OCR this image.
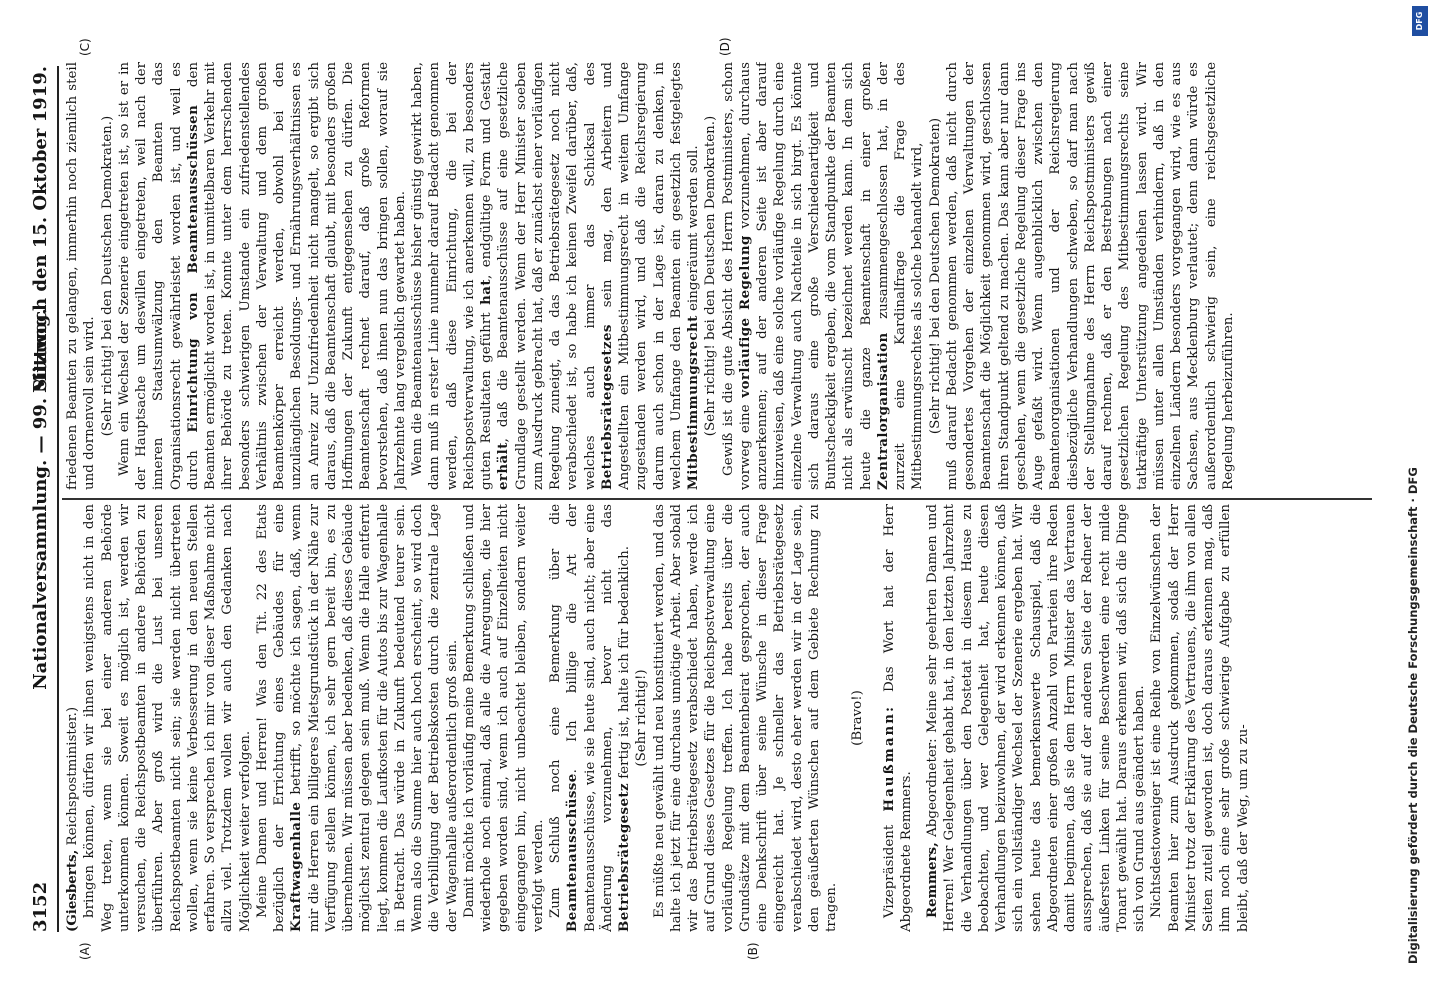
3152
Nationalversammlung. — 99. Sitzung.
Mittwoch den 15. Oktober 1919.
(A)	(B)
(C)	(D)

(Giesberts, Reichspostminister.) bringen können, dürfen wir ihnen wenigstens nicht in den Weg treten, wenn sie bei einer anderen Behörde unterkommen können. Soweit es möglich ist, werden wir versuchen, die Reichspostbeamten in andere Behörden zu überführen. Aber groß wird die Lust bei unseren Reichspostbeamten nicht sein; sie werden nicht übertreten wollen, wenn sie keine Verbesserung in den neuen Stellen erfahren. So versprechen ich mir von dieser Maßnahme nicht allzu viel. Trotzdem wollen wir auch den Gedanken nach Möglichkeit weiter verfolgen. Meine Damen und Herren! Was den Tit. 22 des Etats bezüglich der Errichtung eines Gebäudes für eine Kraftwagenhalle betrifft, so möchte ich sagen, daß, wenn mir die Herren ein billigeres Mietsgrundstück in der Nähe zur Verfügung stellen können, ich sehr gern bereit bin, es zu übernehmen. Wir müssen aber bedenken, daß dieses Gebäude möglichst zentral gelegen sein muß. Wenn die Halle entfernt liegt, kommen die Laufkosten für die Autos bis zur Wagenhalle in Betracht. Das würde in Zukunft bedeutend teurer sein. Wenn also die Summe hier auch hoch erscheint, so wird doch die Verbilligung der Betriebskosten durch die zentrale Lage der Wagenhalle außerordentlich groß sein. Damit möchte ich vorläufig meine Bemerkung schließen und wiederhole noch einmal, daß alle die Anregungen, die hier gegeben worden sind, wenn ich auch auf Einzelheiten nicht eingegangen bin, nicht unbeachtet bleiben, sondern weiter verfolgt werden. Zum Schluß noch eine Bemerkung über die Beamtenausschüsse. Ich billige die Art der Beamtenausschüsse, wie sie heute sind, auch nicht; aber eine Änderung vorzunehmen, bevor nicht das Betriebsrätegesetz fertig ist, halte ich für bedenklich. (Sehr richtig!) Es müßte neu gewählt und neu konstituiert werden, und das halte ich jetzt für eine durchaus unnötige Arbeit. Aber sobald wir das Betriebsrätegesetz verabschiedet haben, werde ich auf Grund dieses Gesetzes für die Reichspostverwaltung eine vorläufige Regelung treffen. Ich habe bereits über die Grundsätze mit dem Beamtenbeirat gesprochen, der auch eine Denkschrift über seine Wünsche in dieser Frage eingereicht hat. Je schneller das Betriebsrätegesetz verabschiedet wird, desto eher werden wir in der Lage sein, den geäußerten Wünschen auf dem Gebiete Rechnung zu tragen.

(Bravo!)

Vizepräsident Haußmann: Das Wort hat der Herr Abgeordnete Remmers. Remmers, Abgeordneter: Meine sehr geehrten Damen und Herren! Wer Gelegenheit gehabt hat, in den letzten Jahrzehnt die Verhandlungen über den Postetat in diesem Hause zu beobachten, und wer Gelegenheit hat, heute diesen Verhandlungen beizuwohnen, der wird erkennen können, daß sich ein vollständiger Wechsel der Szenerie ergeben hat. Wir sehen heute das bemerkenswerte Schauspiel, daß die Abgeordneten einer großen Anzahl von Parteien ihre Reden damit beginnen, daß sie dem Herrn Minister das Vertrauen aussprechen, daß sie auf der anderen Seite der Redner der äußersten Linken für seine Beschwerden eine recht milde Tonart gewählt hat. Daraus erkennen wir, daß sich die Dinge sich von Grund aus geändert haben. Nichtsdestoweniger ist eine Reihe von Einzelwünschen der Beamten hier zum Ausdruck gekommen, sodaß der Herr Minister trotz der Erklärung des Vertrauens, die ihm von allen Seiten zuteil geworden ist, doch daraus erkennen mag, daß ihm noch eine sehr große schwierige Aufgabe zu erfüllen bleibt, daß der Weg, um zu zu-

friedenen Beamten zu gelangen, immerhin noch ziemlich steil und dornenvoll sein wird. (Sehr richtig! bei den Deutschen Demokraten.) Wenn ein Wechsel der Szenerie eingetreten ist, so ist er in der Hauptsache um deswillen eingetreten, weil nach der inneren Staatsumwälzung den Beamten das Organisationsrecht gewährleistet worden ist, und weil es durch Einrichtung von Beamtenausschüssen den Beamten ermöglicht worden ist, in unmittelbaren Verkehr mit ihrer Behörde zu treten. Konnte unter dem herrschenden besonders schwierigen Umstande ein zufriedenstellendes Verhältnis zwischen der Verwaltung und dem großen Beamtenkörper erreicht werden, obwohl bei den unzulänglichen Besoldungs- und Ernährungsverhältnissen es an Anreiz zur Unzufriedenheit nicht mangelt, so ergibt sich daraus, daß die Beamtenschaft glaubt, mit besonders großen Hoffnungen der Zukunft entgegensehen zu dürfen. Die Beamtenschaft rechnet darauf, daß große Reformen bevorstehen, daß ihnen nun das bringen sollen, worauf sie Jahrzehnte lang vergeblich gewartet haben. Wenn die Beamtenausschüsse bisher günstig gewirkt haben, dann muß in erster Linie nunmehr darauf Bedacht genommen werden, daß diese Einrichtung, die bei der Reichspostverwaltung, wie ich anerkennen will, zu besonders guten Resultaten geführt hat, endgültige Form und Gestalt erhält, daß die Beamtenausschüsse auf eine gesetzliche Grundlage gestellt werden. Wenn der Herr Minister soeben zum Ausdruck gebracht hat, daß er zunächst einer vorläufigen Regelung zuneigt, da das Betriebsrätegesetz noch nicht verabschiedet ist, so habe ich keinen Zweifel darüber, daß, welches auch immer das Schicksal des Betriebsrätegesetzes sein mag, den Arbeitern und Angestellten ein Mitbestimmungsrecht in weitem Umfange zugestanden werden wird, und daß die Reichsregierung darum auch schon in der Lage ist, daran zu denken, in welchem Umfange den Beamten ein gesetzlich festgelegtes Mitbestimmungsrecht eingeräumt werden soll. (Sehr richtig! bei den Deutschen Demokraten.) Gewiß ist die gute Absicht des Herrn Postministers, schon vorweg eine vorläufige Regelung vorzunehmen, durchaus anzuerkennen; auf der anderen Seite ist aber darauf hinzuweisen, daß eine solche vorläufige Regelung durch eine einzelne Verwaltung auch Nachteile in sich birgt. Es könnte sich daraus eine große Verschiedenartigkeit und Buntscheckigkeit ergeben, die vom Standpunkte der Beamten nicht als erwünscht bezeichnet werden kann. In dem sich heute die ganze Beamtenschaft in einer großen Zentralorganisation zusammengeschlossen hat, in der zurzeit eine Kardinalfrage die Frage des Mitbestimmungsrechtes als solche behandelt wird, (Sehr richtig! bei den Deutschen Demokraten) muß darauf Bedacht genommen werden, daß nicht durch gesondertes Vorgehen der einzelnen Verwaltungen der Beamtenschaft die Möglichkeit genommen wird, geschlossen ihren Standpunkt geltend zu machen. Das kann aber nur dann geschehen, wenn die gesetzliche Regelung dieser Frage ins Auge gefaßt wird. Wenn augenblicklich zwischen den Beamtenorganisationen und der Reichsregierung diesbezügliche Verhandlungen schweben, so darf man nach der Stellungnahme des Herrn Reichspostministers gewiß darauf rechnen, daß er den Bestrebungen nach einer gesetzlichen Regelung des Mitbestimmungsrechts seine tatkräftige Unterstützung angedeihen lassen wird. Wir müssen unter allen Umständen verhindern, daß in den einzelnen Ländern besonders vorgegangen wird, wie es aus Sachsen, aus Mecklenburg verlautet; denn dann würde es außerordentlich schwierig sein, eine reichsgesetzliche Regelung herbeizuführen.

Digitalisierung gefördert durch die Deutsche Forschungsgemeinschaft · DFG
DFG
